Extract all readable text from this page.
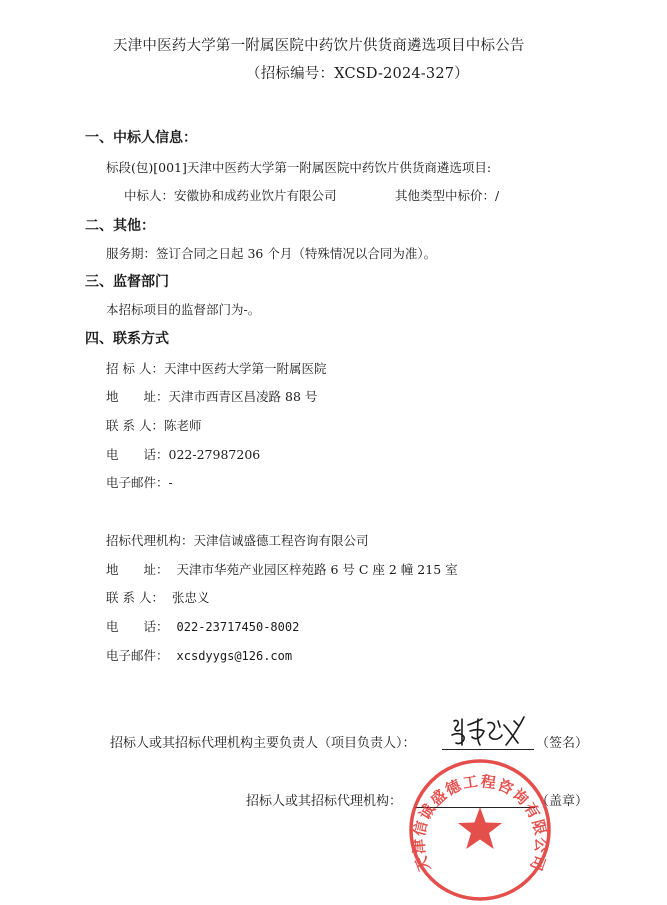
天津中医药大学第一附属医院中药饮片供货商遴选项目中标公告
（招标编号：XCSD-2024-327）
一、中标人信息：
标段(包)[001]天津中医药大学第一附属医院中药饮片供货商遴选项目:
中标人：安徽协和成药业饮片有限公司	其他类型中标价：/
二、其他：
服务期：签订合同之日起 36 个月（特殊情况以合同为准）。
三、监督部门
本招标项目的监督部门为-。
四、联系方式
招 标 人：天津中医药大学第一附属医院
地　　址：天津市西青区昌凌路 88 号
联 系 人：陈老师
电　　话：022-27987206
电子邮件：-
招标代理机构：天津信诚盛德工程咨询有限公司
地　　址： 天津市华苑产业园区梓苑路 6 号 C 座 2 幢 215 室
联 系 人： 张忠义
电　　话： 022-23717450-8002
电子邮件： xcsdyygs@126.com
招标人或其招标代理机构主要负责人（项目负责人）：	（签名）
招标人或其招标代理机构：	（盖章）
天津信诚盛德工程咨询有限公司
